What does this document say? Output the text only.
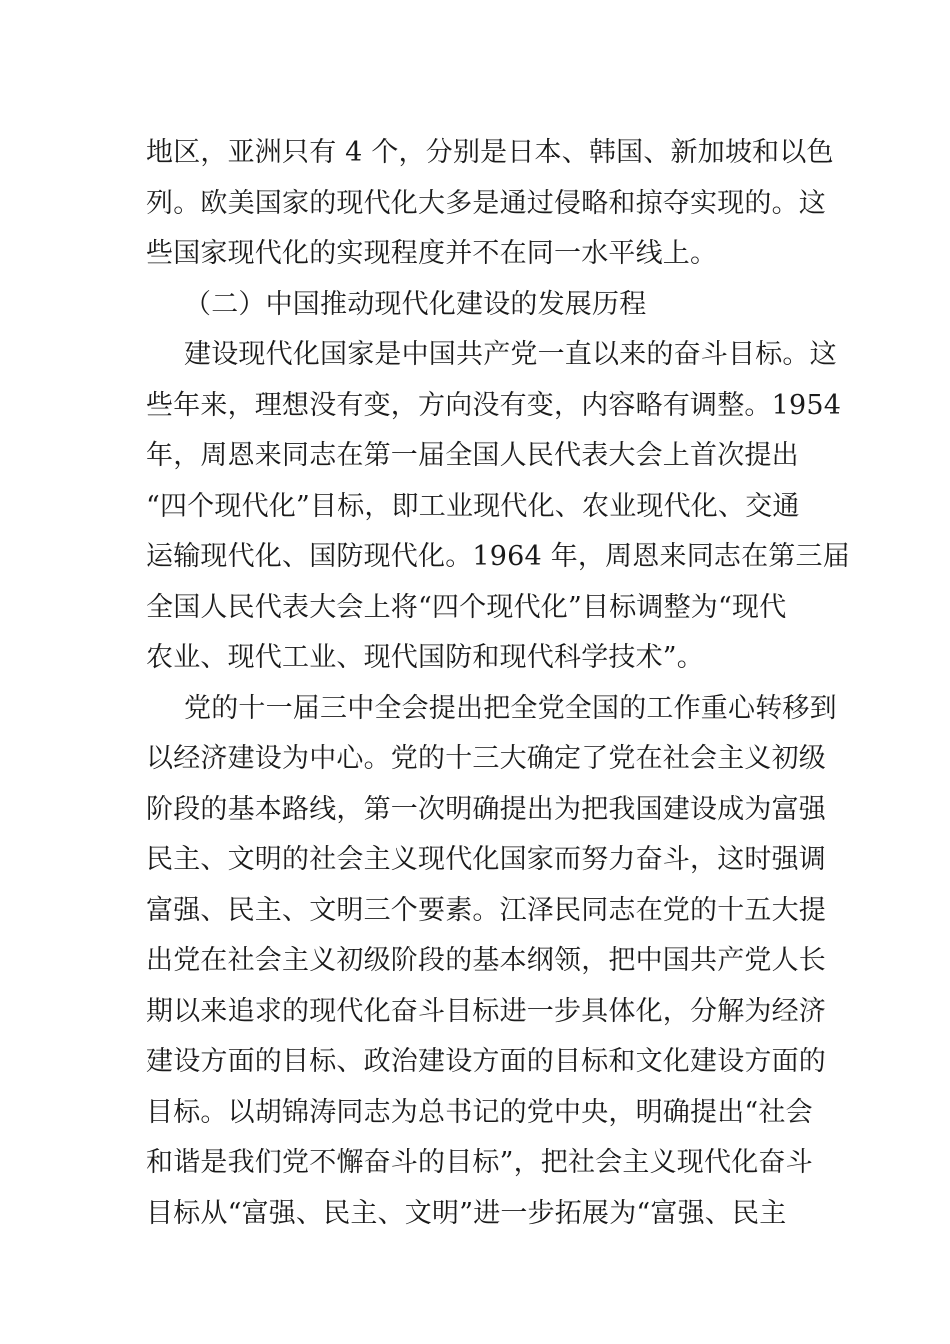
地区，亚洲只有 4 个，分别是日本、韩国、新加坡和以色
列。欧美国家的现代化大多是通过侵略和掠夺实现的。这
些国家现代化的实现程度并不在同一水平线上。
（二）中国推动现代化建设的发展历程
建设现代化国家是中国共产党一直以来的奋斗目标。这
些年来，理想没有变，方向没有变，内容略有调整。1954
年，周恩来同志在第一届全国人民代表大会上首次提出
“四个现代化”目标，即工业现代化、农业现代化、交通
运输现代化、国防现代化。1964 年，周恩来同志在第三届
全国人民代表大会上将“四个现代化”目标调整为“现代
农业、现代工业、现代国防和现代科学技术”。
党的十一届三中全会提出把全党全国的工作重心转移到
以经济建设为中心。党的十三大确定了党在社会主义初级
阶段的基本路线，第一次明确提出为把我国建设成为富强
民主、文明的社会主义现代化国家而努力奋斗，这时强调
富强、民主、文明三个要素。江泽民同志在党的十五大提
出党在社会主义初级阶段的基本纲领，把中国共产党人长
期以来追求的现代化奋斗目标进一步具体化，分解为经济
建设方面的目标、政治建设方面的目标和文化建设方面的
目标。以胡锦涛同志为总书记的党中央，明确提出“社会
和谐是我们党不懈奋斗的目标”，把社会主义现代化奋斗
目标从“富强、民主、文明”进一步拓展为“富强、民主
